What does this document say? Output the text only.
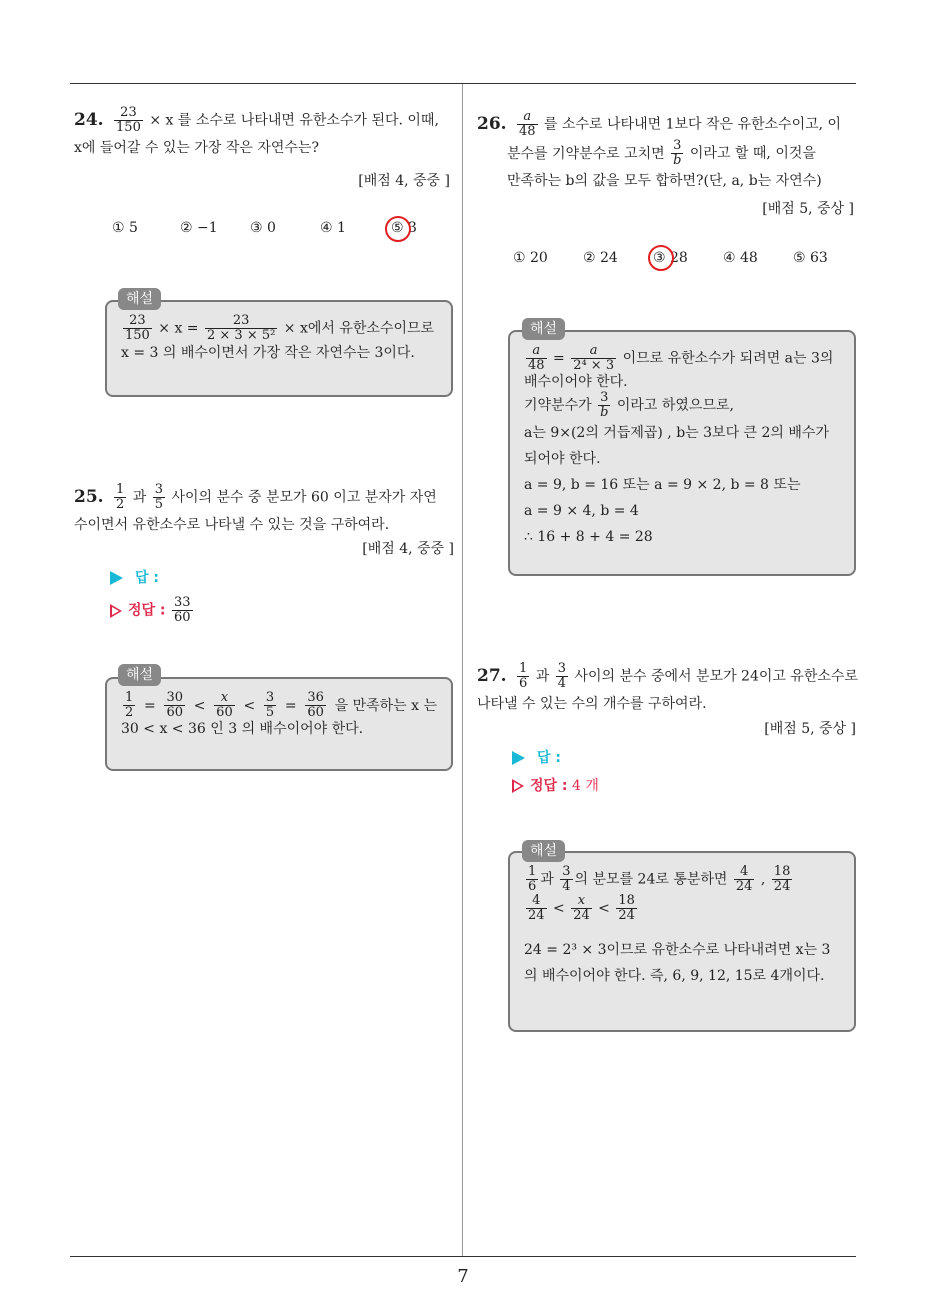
24. $\frac{23}{150} \times x$ 를 소수로 나타내면 유한소수가 된다. 이때,
x에 들어갈 수 있는 가장 작은 자연수는?
[배점 4, 중중 ]
① 5	② −1 ③ 0	④ 1	⑤ 3
$\frac{23}{150} \times x = \frac{23}{\text{2 × 3 × 5²}} \times x$에서 유한소수이므로
x = 3 의 배수이면서 가장 작은 자연수는 3이다.
해설
25. $\frac{1}{2}$ 과 $\frac{3}{5}$ 사이의 분수 중 분모가 60 이고 분자가 자연
수이면서 유한소수로 나타낼 수 있는 것을 구하여라.
[배점 4, 중중 ]
답 :
정답 : $\frac{33}{60}$
$\frac{1}{2} = \frac{30}{60} < \frac{x}{60} < \frac{3}{5} = \frac{36}{60}$ 을 만족하는 x 는
30 < x < 36 인 3 의 배수이어야 한다.
해설
26. $\frac{a}{48}$ 를 소수로 나타내면 1보다 작은 유한소수이고, 이
분수를 기약분수로 고치면 $\frac{3}{b}$ 이라고 할 때, 이것을
만족하는 b의 값을 모두 합하면?(단, a, b는 자연수)
[배점 5, 중상 ]
① 20	② 24	③ 28	④ 48	⑤ 63
$\frac{a}{48} = \frac{a}{\text{2⁴ × 3}}$ 이므로 유한소수가 되려면 a는 3의
배수이어야 한다.
기약분수가 $\frac{3}{b}$ 이라고 하였으므로,
a는 9×(2의 거듭제곱) , b는 3보다 큰 2의 배수가
되어야 한다.
a = 9, b = 16 또는 a = 9 × 2, b = 8 또는
a = 9 × 4, b = 4
∴ 16 + 8 + 4 = 28
해설
27. $\frac{1}{6}$ 과 $\frac{3}{4}$ 사이의 분수 중에서 분모가 24이고 유한소수로
나타낼 수 있는 수의 개수를 구하여라.
[배점 5, 중상 ]
답 :
정답 : 4 개
$\frac{1}{6}$ 과 $\frac{3}{4}$ 의 분모를 24로 통분하면 $\frac{4}{24}$ , $\frac{18}{24}$
$\frac{4}{24} < \frac{x}{24} < \frac{18}{24}$
24 = 2³ × 3이므로 유한소수로 나타내려면 x는 3
의 배수이어야 한다. 즉, 6, 9, 12, 15로 4개이다.
해설
7
